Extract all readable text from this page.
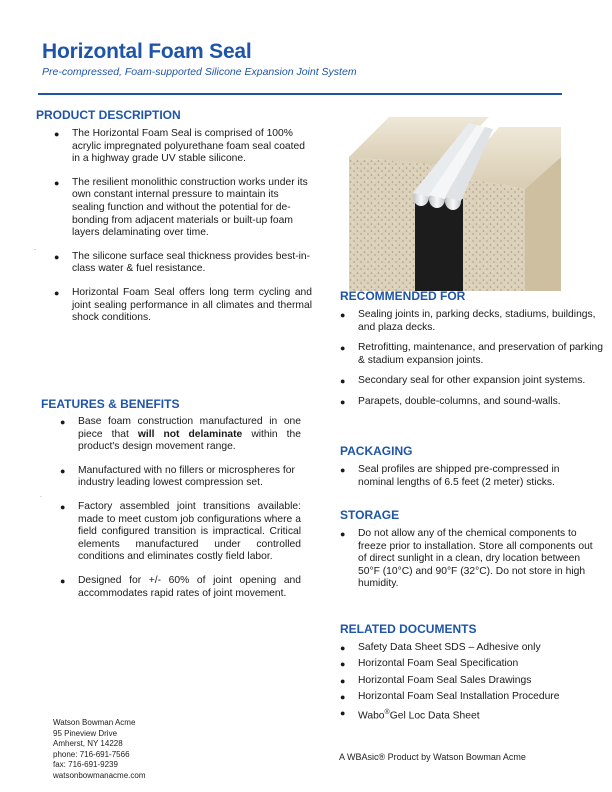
Horizontal Foam Seal
Pre-compressed, Foam-supported Silicone Expansion Joint System
PRODUCT DESCRIPTION
● The Horizontal Foam Seal is comprised of 100% acrylic impregnated polyurethane foam seal coated in a highway grade UV stable silicone.
● The resilient monolithic construction works under its own constant internal pressure to maintain its sealing function and without the potential for de-bonding from adjacent materials or built-up foam layers delaminating over time.
● The silicone surface seal thickness provides best-in-class water & fuel resistance.
● Horizontal Foam Seal offers long term cycling and joint sealing performance in all climates and thermal shock conditions.
.
RECOMMENDED FOR
● Sealing joints in, parking decks, stadiums, buildings, and plaza decks.
● Retrofitting, maintenance, and preservation of parking & stadium expansion joints.
● Secondary seal for other expansion joint systems.
● Parapets, double-columns, and sound-walls.
FEATURES & BENEFITS
● Base foam construction manufactured in one piece that will not delaminate within the product's design movement range.
● Manufactured with no fillers or microspheres for industry leading lowest compression set.
● Factory assembled joint transitions available: made to meet custom job configurations where a field configured transition is impractical. Critical elements manufactured under controlled conditions and eliminates costly field labor.
● Designed for +/- 60% of joint opening and accommodates rapid rates of joint movement.
.
PACKAGING
● Seal profiles are shipped pre-compressed in nominal lengths of 6.5 feet (2 meter) sticks.
STORAGE
● Do not allow any of the chemical components to freeze prior to installation. Store all components out of direct sunlight in a clean, dry location between 50°F (10°C) and 90°F (32°C). Do not store in high humidity.
RELATED DOCUMENTS
● Safety Data Sheet SDS – Adhesive only
● Horizontal Foam Seal Specification
● Horizontal Foam Seal Sales Drawings
● Horizontal Foam Seal Installation Procedure
● Wabo®Gel Loc Data Sheet
Watson Bowman Acme
95 Pineview Drive
Amherst, NY 14228
phone: 716-691-7566
fax: 716-691-9239
watsonbowmanacme.com
A WBAsic® Product by Watson Bowman Acme
